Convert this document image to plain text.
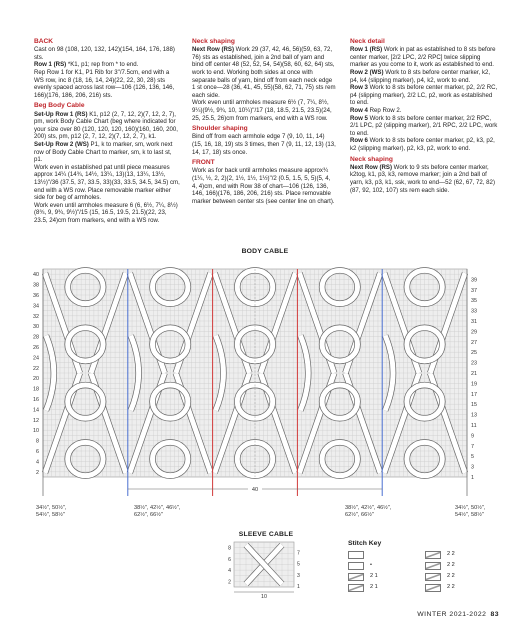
BACK
Cast on 98 (108, 120, 132, 142)(154, 164, 176, 188) sts.
Row 1 (RS) *K1, p1; rep from * to end.
Rep Row 1 for K1, P1 Rib for 3"/7.5cm, end with a WS row, inc 8 (18, 16, 14, 24)(22, 22, 30, 28) sts evenly spaced across last row—106 (126, 136, 146, 166)(176, 186, 206, 216) sts.
Beg Body Cable
Set-Up Row 1 (RS) K1, p12 (2, 7, 12, 2)(7, 12, 2, 7), pm, work Body Cable Chart (beg where indicated for your size over 80 (120, 120, 120, 160)(160, 160, 200, 200) sts, pm, p12 (2, 7, 12, 2)(7, 12, 2, 7), k1.
Set-Up Row 2 (WS) P1, k to marker, sm, work next row of Body Cable Chart to marker, sm, k to last st, p1.
Work even in established pat until piece measures approx 14¼ (14¾, 14½, 13¼, 13)(13, 13¼, 13½, 13½)"/36 (37.5, 37, 33.5, 33)(33, 33.5, 34.5, 34.5) cm, end with a WS row. Place removable marker either side for beg of armholes.
Work even until armholes measure 6 (6, 6½, 7¼, 8½)(8¾, 9, 9¾, 9½)"/15 (15, 16.5, 19.5, 21.5)(22, 23, 23.5, 24)cm from markers, end with a WS row.
Neck shaping
Next Row (RS) Work 29 (37, 42, 46, 56)(59, 63, 72, 76) sts as established, join a 2nd ball of yarn and bind off center 48 (52, 52, 54, 54)(58, 60, 62, 64) sts, work to end. Working both sides at once with separate balls of yarn, bind off from each neck edge 1 st once—28 (36, 41, 45, 55)(58, 62, 71, 75) sts rem each side.
Work even until armholes measure 6½ (7, 7¼, 8½, 9¼)(9½, 9¾, 10, 10¼)"/17 (18, 18.5, 21.5, 23.5)(24, 25, 25.5, 26)cm from markers, end with a WS row.
Shoulder shaping
Bind off from each armhole edge 7 (9, 10, 11, 14) (15, 16, 18, 19) sts 3 times, then 7 (9, 11, 12, 13) (13, 14, 17, 18) sts once.
FRONT
Work as for back until armholes measure approx¾ (1¼, ½, 2, 2)(2, 1½, 1½, 1½)"/2 (0.5, 1.5, 5, 5)(5, 4, 4, 4)cm, end with Row 38 of chart—106 (126, 136, 146, 166)(176, 186, 206, 216) sts. Place removable marker between center sts (see center line on chart).
Neck detail
Row 1 (RS) Work in pat as established to 8 sts before center marker, [2/2 LPC, 2/2 RPC] twice slipping marker as you come to it, work as established to end.
Row 2 (WS) Work to 8 sts before center marker, k2, p4, k4 (slipping marker), p4, k2, work to end.
Row 3 Work to 8 sts before center marker, p2, 2/2 RC, p4 (slipping marker), 2/2 LC, p2, work as established to end.
Row 4 Rep Row 2.
Row 5 Work to 8 sts before center marker, 2/2 RPC, 2/1 LPC, p2 (slipping marker), 2/1 RPC, 2/2 LPC, work to end.
Row 6 Work to 8 sts before center marker, p2, k3, p2, k2 (slipping marker), p2, k3, p2, work to end.
Neck shaping
Next Row (RS) Work to 9 sts before center marker, k2tog, k1, p3, k3, remove marker; join a 2nd ball of yarn, k3, p3, k1, ssk, work to end—52 (62, 67, 72, 82)(87, 92, 102, 107) sts rem each side.
BODY CABLE
40
38
36
34
32
30
28
26
24
22
20
18
16
14
12
10
8
6
4
2
39
37
35
33
31
29
27
25
23
21
19
17
15
13
11
9
7
5
3
1
40
34½", 50½",
54½", 58½"
38½", 42½", 46½",
62½", 66½"
38½", 42½", 46½",
62½", 66½"
34½", 50½",
54½", 58½"
SLEEVE CABLE
8
6
4
2
7
5
3
1
10
Stitch Key
•
2 1
2 1
2 2
2 2
2 2
2 2
WINTER 2021-2022 83
